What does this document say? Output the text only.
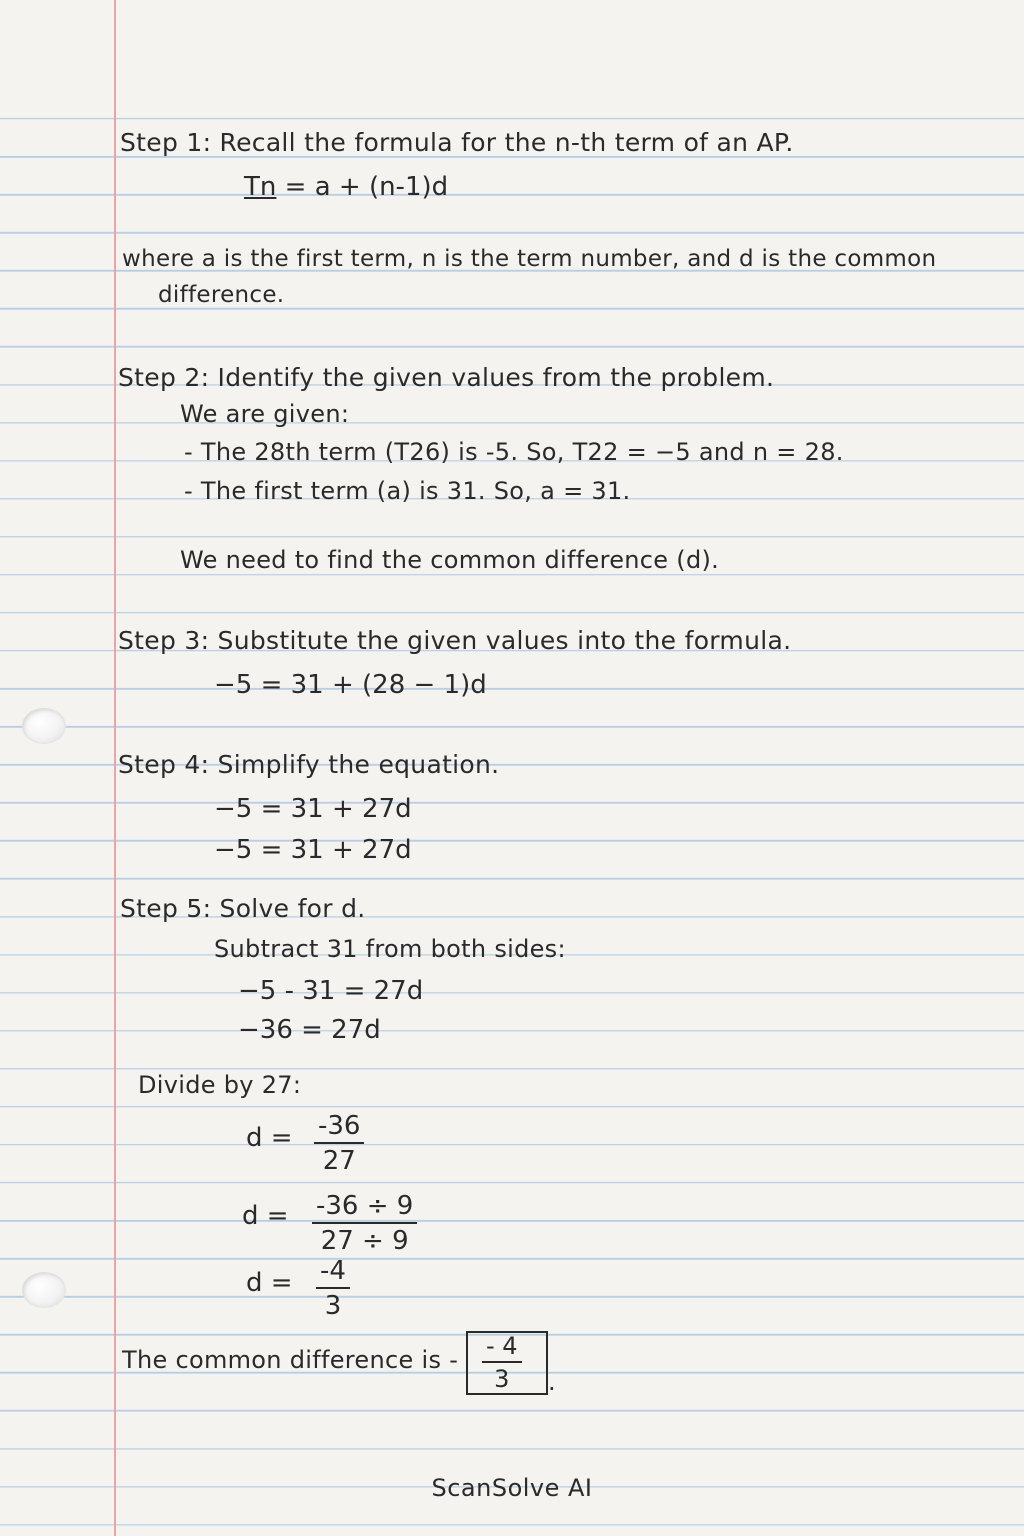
Step 1: Recall the formula for the n-th term of an AP.
Tn = a + (n-1)d
where a is the first term, n is the term number, and d is the common
difference.
Step 2: Identify the given values from the problem.
We are given:
- The 28th term (T26) is -5. So, T22 = −5 and n = 28.
- The first term (a) is 31. So, a = 31.
We need to find the common difference (d).
Step 3: Substitute the given values into the formula.
−5 = 31 + (28 − 1)d
Step 4: Simplify the equation.
−5 = 31 + 27d
−5 = 31 + 27d
Step 5: Solve for d.
Subtract 31 from both sides:
−5 - 31 = 27d
−36 = 27d
Divide by 27:
$d = \frac{-36}{27}$
$d = \frac{-36 \div 9}{27 \div 9}$
$d = \frac{-4}{3}$
The common difference is - $\frac{- 4}{3}$ .
ScanSolve AI
